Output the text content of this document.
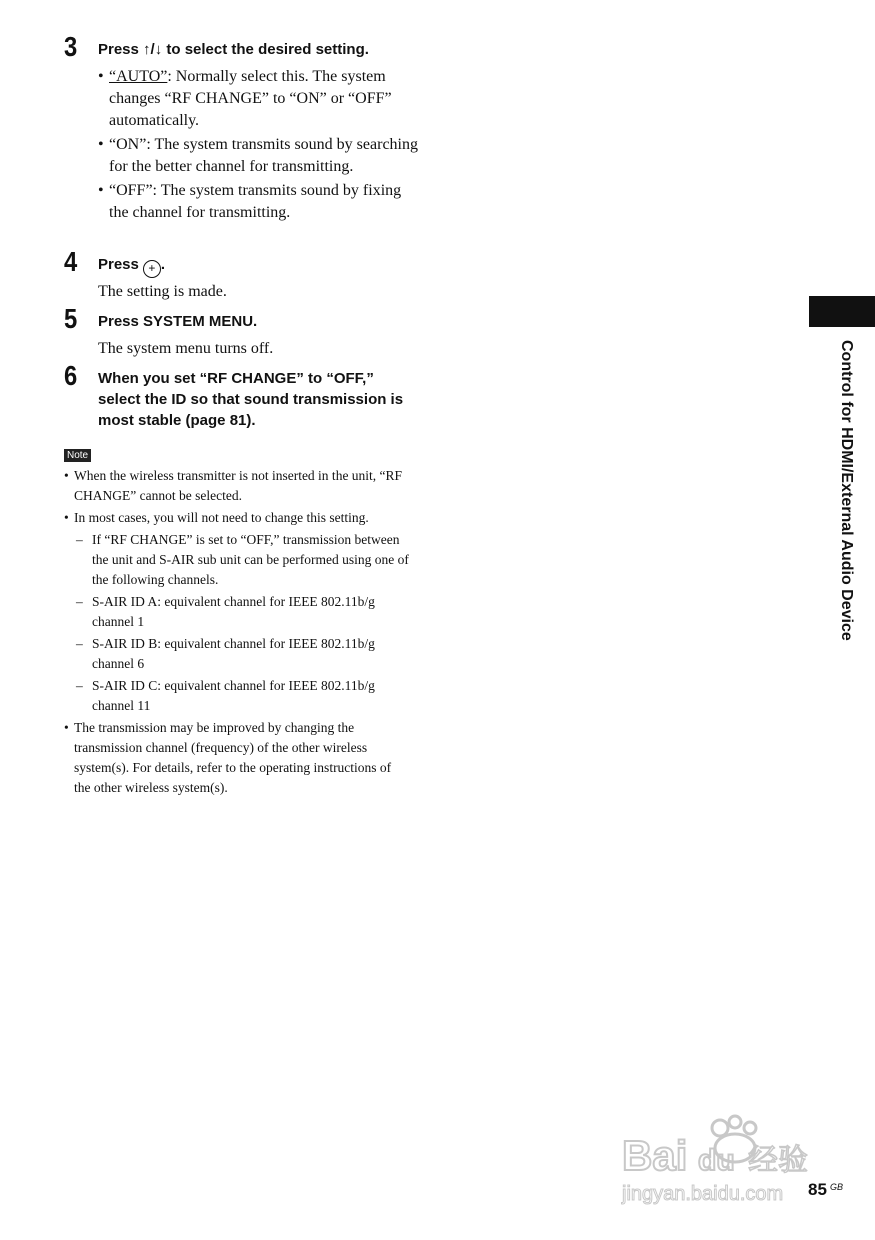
3 Press ↑/↓ to select the desired setting.
• “AUTO”: Normally select this. The system changes “RF CHANGE” to “ON” or “OFF” automatically.
• “ON”: The system transmits sound by searching for the better channel for transmitting.
• “OFF”: The system transmits sound by fixing the channel for transmitting.
4 Press + .
The setting is made.
5 Press SYSTEM MENU.
The system menu turns off.
6 When you set “RF CHANGE” to “OFF,” select the ID so that sound transmission is most stable (page 81).
Note
• When the wireless transmitter is not inserted in the unit, “RF CHANGE” cannot be selected.
• In most cases, you will not need to change this setting.
– If “RF CHANGE” is set to “OFF,” transmission between the unit and S-AIR sub unit can be performed using one of the following channels.
– S-AIR ID A: equivalent channel for IEEE 802.11b/g channel 1
– S-AIR ID B: equivalent channel for IEEE 802.11b/g channel 6
– S-AIR ID C: equivalent channel for IEEE 802.11b/g channel 11
• The transmission may be improved by changing the transmission channel (frequency) of the other wireless system(s). For details, refer to the operating instructions of the other wireless system(s).
Control for HDMI/External Audio Device
Bai du 经验
jingyan.baidu.com 85 GB
